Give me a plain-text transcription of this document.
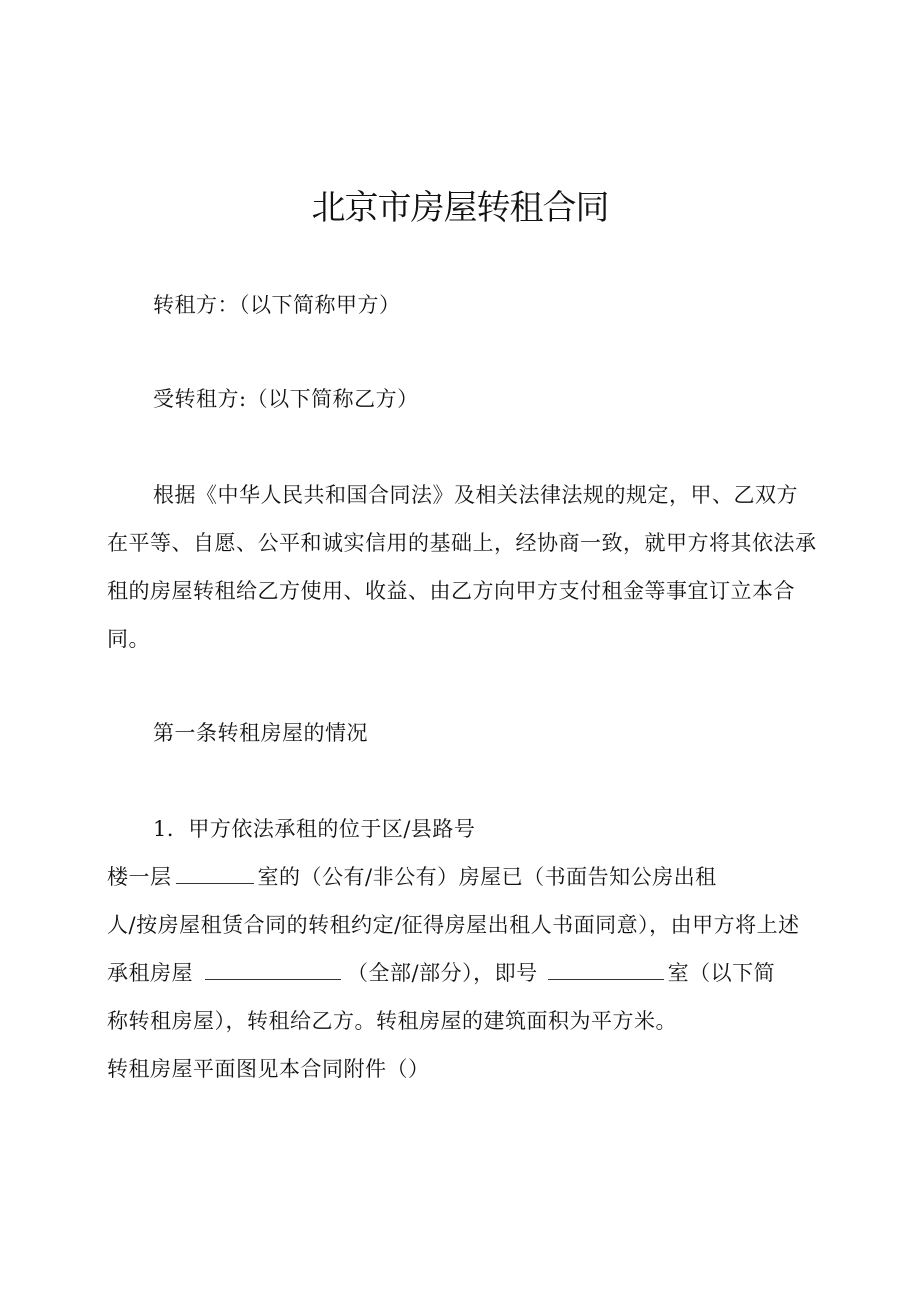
北京市房屋转租合同
转租方：（以下简称甲方）
受转租方:（以下简称乙方）
根据《中华人民共和国合同法》及相关法律法规的规定，甲、乙双方
在平等、自愿、公平和诚实信用的基础上，经协商一致，就甲方将其依法承
租的房屋转租给乙方使用、收益、由乙方向甲方支付租金等事宜订立本合
同。
第一条转租房屋的情况
1．甲方依法承租的位于区/县路号
楼一层	室的（公有/非公有）房屋已（书面告知公房出租
人/按房屋租赁合同的转租约定/征得房屋出租人书面同意），由甲方将上述
承租房屋	（全部/部分），即号	室（以下简
称转租房屋），转租给乙方。转租房屋的建筑面积为平方米。
转租房屋平面图见本合同附件（）
